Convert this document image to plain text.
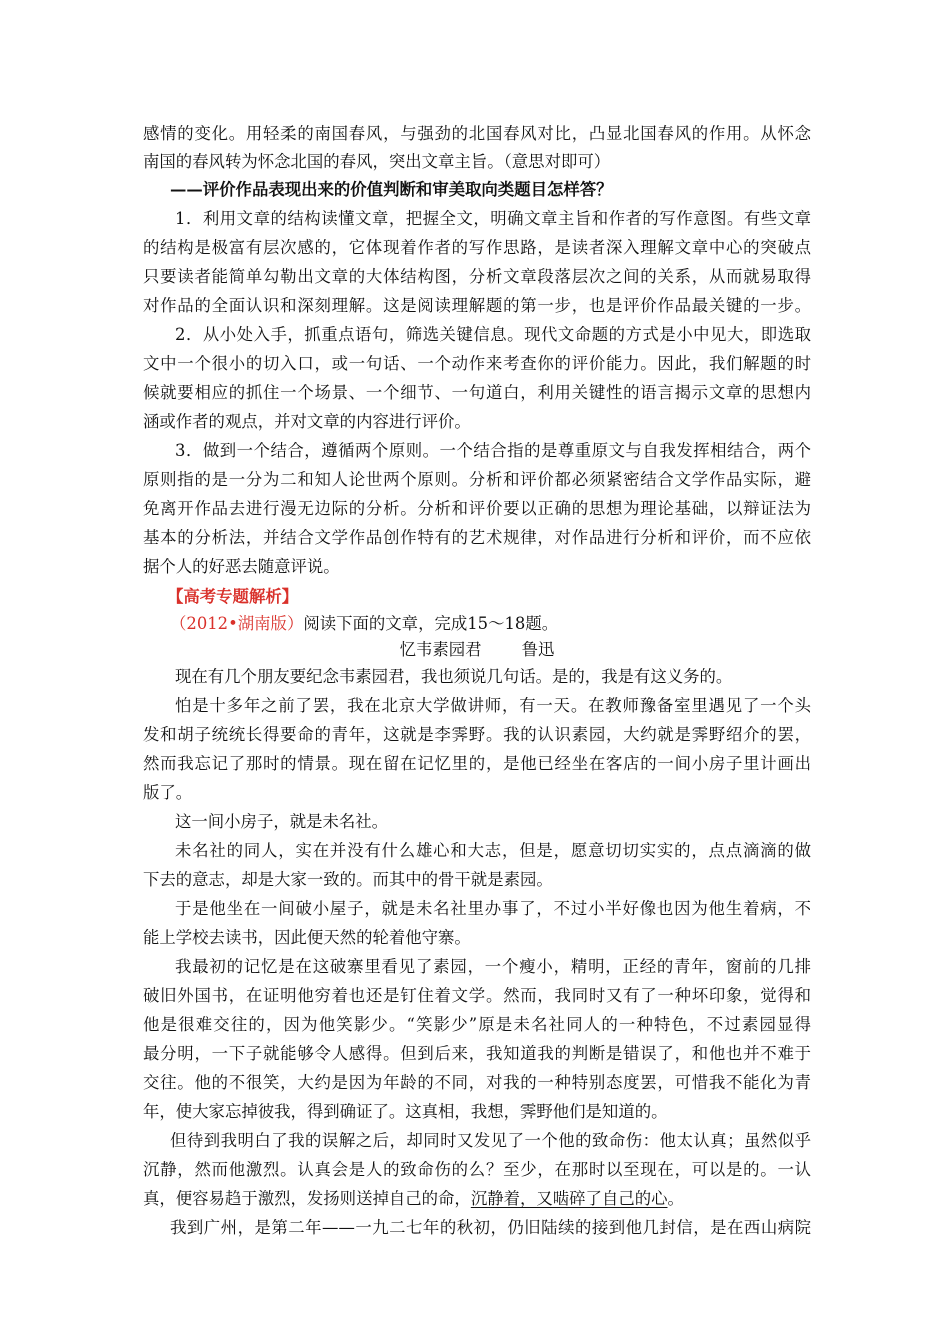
感情的变化。用轻柔的南国春风，与强劲的北国春风对比，凸显北国春风的作用。从怀念
南国的春风转为怀念北国的春风，突出文章主旨。（意思对即可）
——评价作品表现出来的价值判断和审美取向类题目怎样答？
1．利用文章的结构读懂文章，把握全文，明确文章主旨和作者的写作意图。有些文章
的结构是极富有层次感的，它体现着作者的写作思路，是读者深入理解文章中心的突破点
只要读者能简单勾勒出文章的大体结构图，分析文章段落层次之间的关系，从而就易取得
对作品的全面认识和深刻理解。这是阅读理解题的第一步，也是评价作品最关键的一步。
2．从小处入手，抓重点语句，筛选关键信息。现代文命题的方式是小中见大，即选取
文中一个很小的切入口，或一句话、一个动作来考查你的评价能力。因此，我们解题的时
候就要相应的抓住一个场景、一个细节、一句道白，利用关键性的语言揭示文章的思想内
涵或作者的观点，并对文章的内容进行评价。
3．做到一个结合，遵循两个原则。一个结合指的是尊重原文与自我发挥相结合，两个
原则指的是一分为二和知人论世两个原则。分析和评价都必须紧密结合文学作品实际，避
免离开作品去进行漫无边际的分析。分析和评价要以正确的思想为理论基础，以辩证法为
基本的分析法，并结合文学作品创作特有的艺术规律，对作品进行分析和评价，而不应依
据个人的好恶去随意评说。
【高考专题解析】
（2012•湖南版）阅读下面的文章，完成15～18题。
忆韦素园君 鲁迅
现在有几个朋友要纪念韦素园君，我也须说几句话。是的，我是有这义务的。
怕是十多年之前了罢，我在北京大学做讲师，有一天。在教师豫备室里遇见了一个头
发和胡子统统长得要命的青年，这就是李霁野。我的认识素园，大约就是霁野绍介的罢，
然而我忘记了那时的情景。现在留在记忆里的，是他已经坐在客店的一间小房子里计画出
版了。
这一间小房子，就是未名社。
未名社的同人，实在并没有什么雄心和大志，但是，愿意切切实实的，点点滴滴的做
下去的意志，却是大家一致的。而其中的骨干就是素园。
于是他坐在一间破小屋子，就是未名社里办事了，不过小半好像也因为他生着病，不
能上学校去读书，因此便天然的轮着他守寨。
我最初的记忆是在这破寨里看见了素园，一个瘦小，精明，正经的青年，窗前的几排
破旧外国书，在证明他穷着也还是钉住着文学。然而，我同时又有了一种坏印象，觉得和
他是很难交往的，因为他笑影少。“笑影少”原是未名社同人的一种特色，不过素园显得
最分明，一下子就能够令人感得。但到后来，我知道我的判断是错误了，和他也并不难于
交往。他的不很笑，大约是因为年龄的不同，对我的一种特别态度罢，可惜我不能化为青
年，使大家忘掉彼我，得到确证了。这真相，我想，霁野他们是知道的。
但待到我明白了我的误解之后，却同时又发见了一个他的致命伤：他太认真；虽然似乎
沉静，然而他激烈。认真会是人的致命伤的么？至少，在那时以至现在，可以是的。一认
真，便容易趋于激烈，发扬则送掉自己的命，沉静着，又啮碎了自己的心。
我到广州，是第二年——一九二七年的秋初，仍旧陆续的接到他几封信，是在西山病院
